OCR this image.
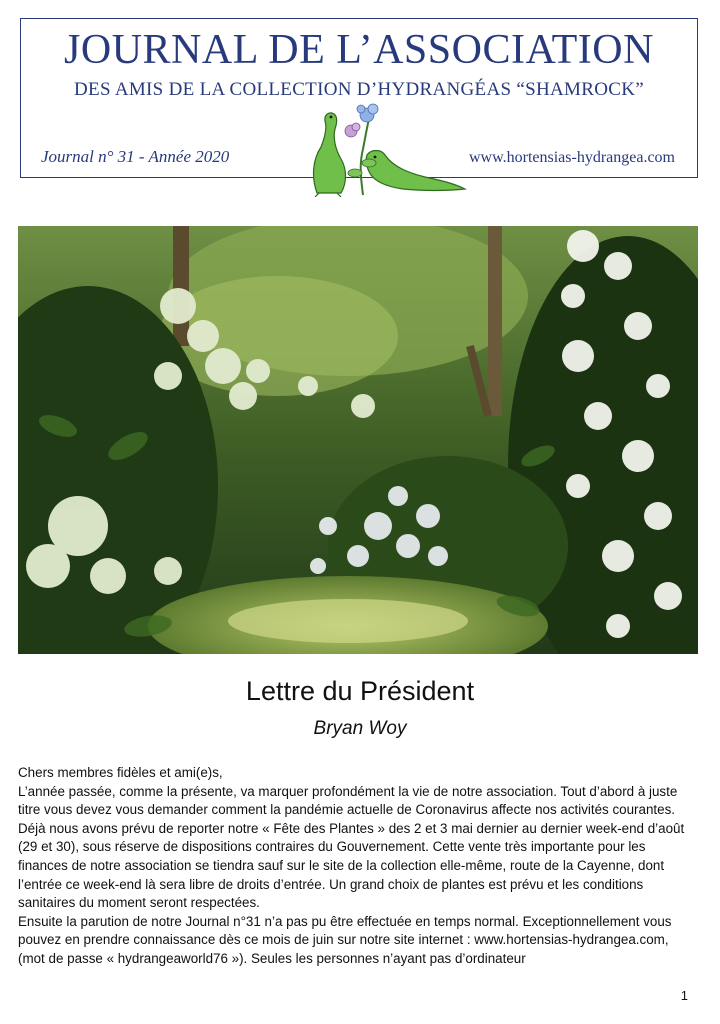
JOURNAL DE L’ASSOCIATION
DES AMIS DE LA COLLECTION D’HYDRANGÉAS “SHAMROCK”
Journal n° 31 - Année 2020	www.hortensias-hydrangea.com
Lettre du Président
Bryan Woy

Chers membres fidèles et ami(e)s,

L’année passée, comme la présente, va marquer profondément la vie de notre association. Tout d’abord à juste titre vous devez vous demander comment la pandémie actuelle de Coronavirus affecte nos activités courantes. Déjà nous avons prévu de reporter notre « Fête des Plantes » des 2 et 3 mai dernier au dernier week-end d’août (29 et 30), sous réserve de dispositions contraires du Gouvernement. Cette vente très importante pour les finances de notre association se tiendra sauf sur le site de la collection elle-même, route de la Cayenne, dont l’entrée ce week-end là sera libre de droits d’entrée. Un grand choix de plantes est prévu et les conditions sanitaires du moment seront respectées.

Ensuite la parution de notre Journal n°31 n’a pas pu être effectuée en temps normal. Exceptionnellement vous pouvez en prendre connaissance dès ce mois de juin sur notre site internet : www.hortensias-hydrangea.com, (mot de passe « hydrangeaworld76 »). Seules les personnes n’ayant pas d’ordinateur

1
